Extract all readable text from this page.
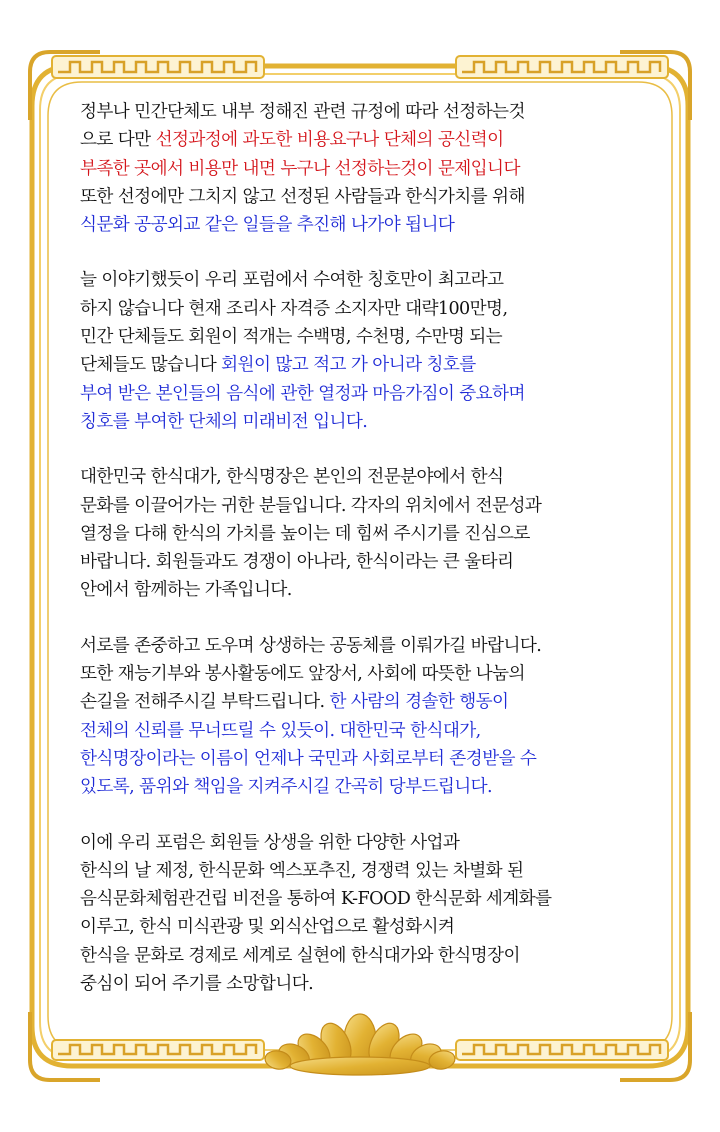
정부나 민간단체도 내부 정해진 관련 규정에 따라 선정하는것
으로 다만 선정과정에 과도한 비용요구나 단체의 공신력이
부족한 곳에서 비용만 내면 누구나 선정하는것이 문제입니다
또한 선정에만 그치지 않고 선정된 사람들과 한식가치를 위해
식문화 공공외교 같은 일들을 추진해 나가야 됩니다

늘 이야기했듯이 우리 포럼에서 수여한 칭호만이 최고라고
하지 않습니다 현재 조리사 자격증 소지자만 대략100만명,
민간 단체들도 회원이 적개는 수백명, 수천명, 수만명 되는
단체들도 많습니다 회원이 많고 적고 가 아니라 칭호를
부여 받은 본인들의 음식에 관한 열정과 마음가짐이 중요하며
칭호를 부여한 단체의 미래비전 입니다.

대한민국 한식대가, 한식명장은 본인의 전문분야에서 한식
문화를 이끌어가는 귀한 분들입니다. 각자의 위치에서 전문성과
열정을 다해 한식의 가치를 높이는 데 힘써 주시기를 진심으로
바랍니다. 회원들과도 경쟁이 아나라, 한식이라는 큰 울타리
안에서 함께하는 가족입니다.

서로를 존중하고 도우며 상생하는 공동체를 이뤄가길 바랍니다.
또한 재능기부와 봉사활동에도 앞장서, 사회에 따뜻한 나눔의
손길을 전해주시길 부탁드립니다. 한 사람의 경솔한 행동이
전체의 신뢰를 무너뜨릴 수 있듯이. 대한민국 한식대가,
한식명장이라는 이름이 언제나 국민과 사회로부터 존경받을 수
있도록, 품위와 책임을 지켜주시길 간곡히 당부드립니다.

이에 우리 포럼은 회원들 상생을 위한 다양한 사업과
한식의 날 제정, 한식문화 엑스포추진, 경쟁력 있는 차별화 된
음식문화체험관건립 비전을 통하여 K-FOOD 한식문화 세계화를
이루고, 한식 미식관광 및 외식산업으로 활성화시켜
한식을 문화로 경제로 세계로 실현에 한식대가와 한식명장이
중심이 되어 주기를 소망합니다.
